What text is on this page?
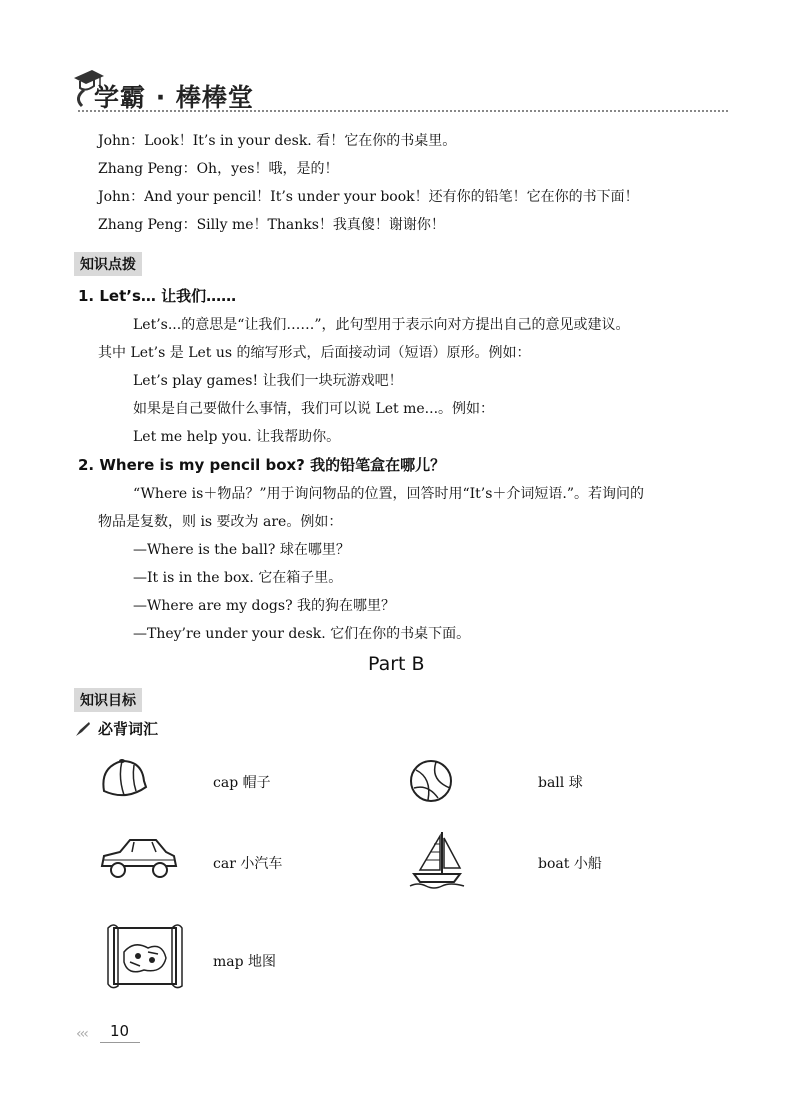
学霸 · 棒棒堂
John：Look！It’s in your desk. 看！它在你的书桌里。
Zhang Peng：Oh，yes！哦，是的！
John：And your pencil！It’s under your book！还有你的铅笔！它在你的书下面！
Zhang Peng：Silly me！Thanks！我真傻！谢谢你！
知识点拨
1. Let’s… 让我们……
Let’s...的意思是“让我们……”，此句型用于表示向对方提出自己的意见或建议。
其中 Let’s 是 Let us 的缩写形式，后面接动词（短语）原形。例如：
Let’s play games! 让我们一块玩游戏吧！
如果是自己要做什么事情，我们可以说 Let me...。例如：
Let me help you. 让我帮助你。
2. Where is my pencil box? 我的铅笔盒在哪儿？
“Where is＋物品？”用于询问物品的位置，回答时用“It’s＋介词短语.”。若询问的
物品是复数，则 is 要改为 are。例如：
—Where is the ball? 球在哪里？
—It is in the box. 它在箱子里。
—Where are my dogs? 我的狗在哪里？
—They’re under your desk. 它们在你的书桌下面。
Part B
知识目标
必背词汇
cap 帽子	ball 球
car 小汽车	boat 小船
map 地图
‹‹‹ 10
